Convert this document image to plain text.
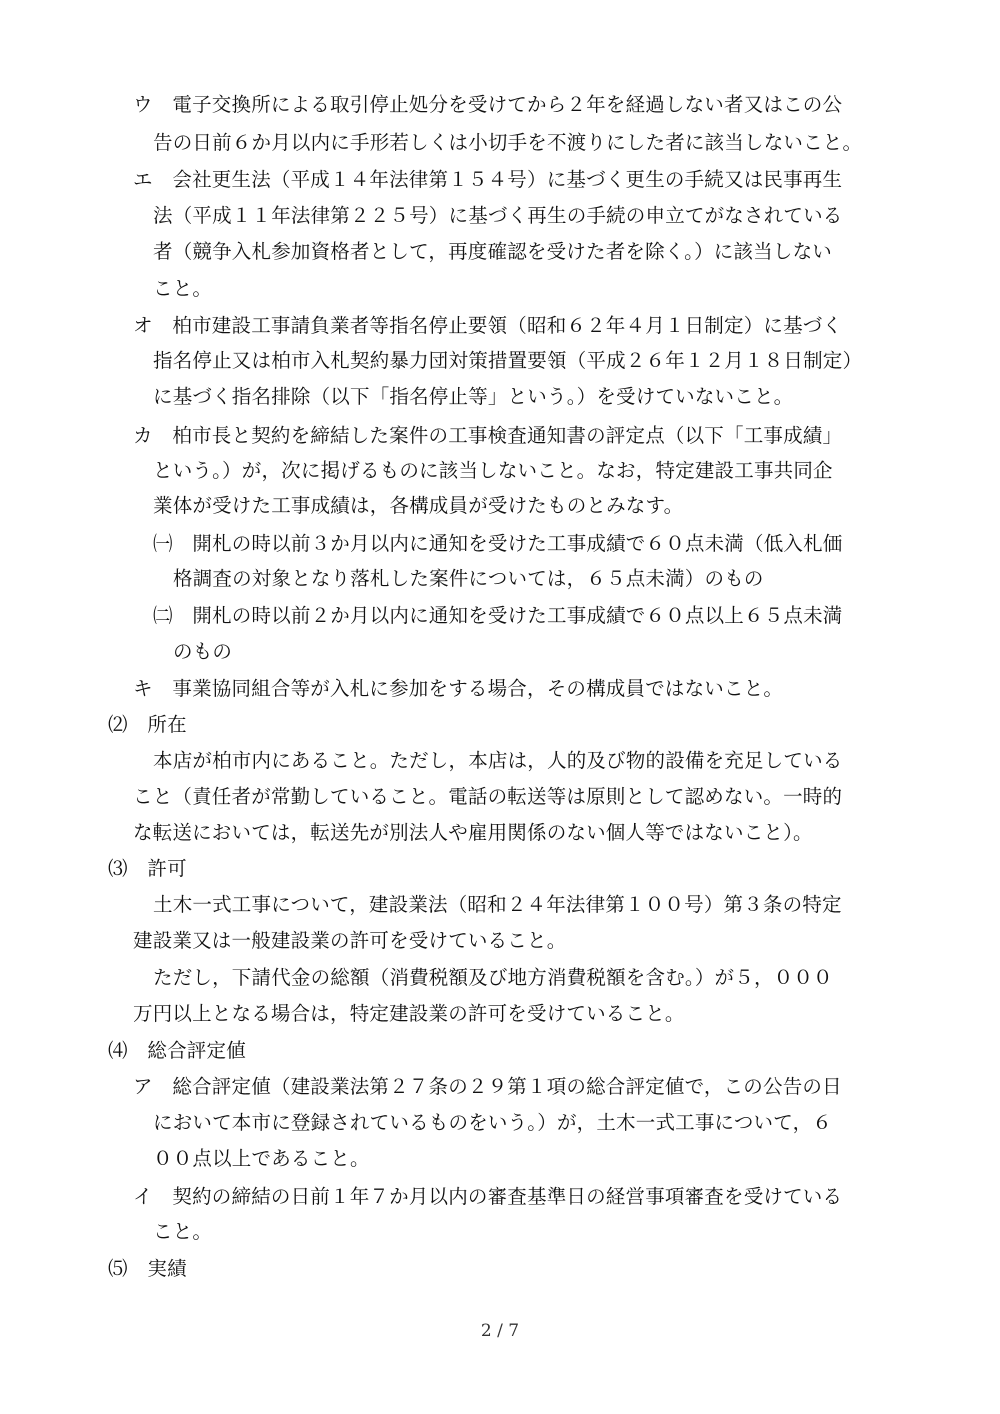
ウ　電子交換所による取引停止処分を受けてから２年を経過しない者又はこの公
告の日前６か月以内に手形若しくは小切手を不渡りにした者に該当しないこと。
エ　会社更生法（平成１４年法律第１５４号）に基づく更生の手続又は民事再生
法（平成１１年法律第２２５号）に基づく再生の手続の申立てがなされている
者（競争入札参加資格者として，再度確認を受けた者を除く。）に該当しない
こと。
オ　柏市建設工事請負業者等指名停止要領（昭和６２年４月１日制定）に基づく
指名停止又は柏市入札契約暴力団対策措置要領（平成２６年１２月１８日制定）
に基づく指名排除（以下「指名停止等」という。）を受けていないこと。
カ　柏市長と契約を締結した案件の工事検査通知書の評定点（以下「工事成績」
という。）が，次に掲げるものに該当しないこと。なお，特定建設工事共同企
業体が受けた工事成績は，各構成員が受けたものとみなす。
㈠　開札の時以前３か月以内に通知を受けた工事成績で６０点未満（低入札価
格調査の対象となり落札した案件については，６５点未満）のもの
㈡　開札の時以前２か月以内に通知を受けた工事成績で６０点以上６５点未満
のもの
キ　事業協同組合等が入札に参加をする場合，その構成員ではないこと。
⑵　所在
本店が柏市内にあること。ただし，本店は，人的及び物的設備を充足している
こと（責任者が常勤していること。電話の転送等は原則として認めない。一時的
な転送においては，転送先が別法人や雇用関係のない個人等ではないこと）。
⑶　許可
土木一式工事について，建設業法（昭和２４年法律第１００号）第３条の特定
建設業又は一般建設業の許可を受けていること。
ただし，下請代金の総額（消費税額及び地方消費税額を含む。）が５，０００
万円以上となる場合は，特定建設業の許可を受けていること。
⑷　総合評定値
ア　総合評定値（建設業法第２７条の２９第１項の総合評定値で，この公告の日
において本市に登録されているものをいう。）が，土木一式工事について，６
００点以上であること。
イ　契約の締結の日前１年７か月以内の審査基準日の経営事項審査を受けている
こと。
⑸　実績
2 / 7
